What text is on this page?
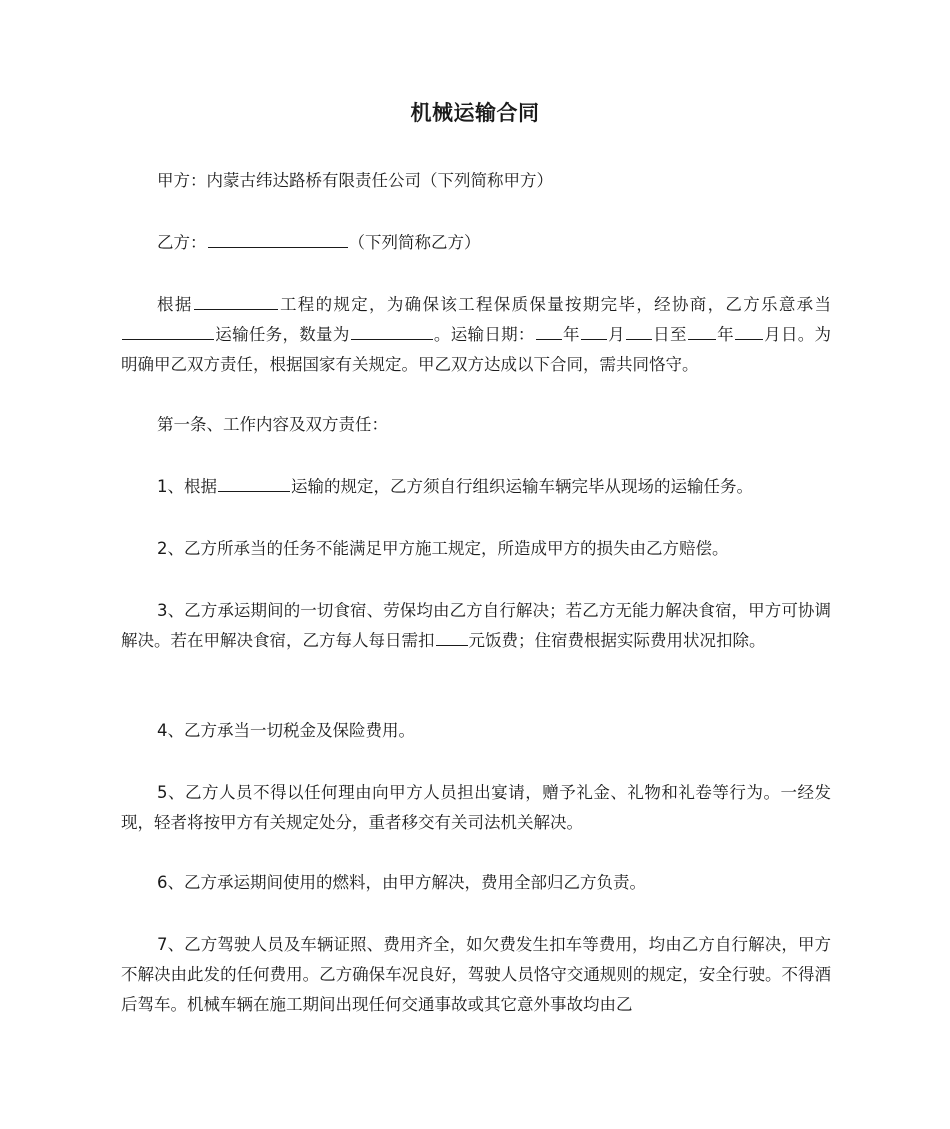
机械运输合同

甲方：内蒙古纬达路桥有限责任公司（下列简称甲方）

乙方：	（下列简称乙方）

根据	工程的规定，为确保该工程保质保量按期完毕，经协商，乙方乐意承当运输任务，数量为	。运输日期： 年 月 日至 年 月日。为明确甲乙双方责任，根据国家有关规定。甲乙双方达成以下合同，需共同恪守。

第一条、工作内容及双方责任：

1、根据	运输的规定，乙方须自行组织运输车辆完毕从现场的运输任务。

2、乙方所承当的任务不能满足甲方施工规定，所造成甲方的损失由乙方赔偿。

3、乙方承运期间的一切食宿、劳保均由乙方自行解决；若乙方无能力解决食宿，甲方可协调解决。若在甲解决食宿，乙方每人每日需扣 元饭费；住宿费根据实际费用状况扣除。

4、乙方承当一切税金及保险费用。

5、乙方人员不得以任何理由向甲方人员担出宴请，赠予礼金、礼物和礼卷等行为。一经发现，轻者将按甲方有关规定处分，重者移交有关司法机关解决。

6、乙方承运期间使用的燃料，由甲方解决，费用全部归乙方负责。

7、乙方驾驶人员及车辆证照、费用齐全，如欠费发生扣车等费用，均由乙方自行解决，甲方不解决由此发的任何费用。乙方确保车况良好，驾驶人员恪守交通规则的规定，安全行驶。不得酒后驾车。机械车辆在施工期间出现任何交通事故或其它意外事故均由乙
